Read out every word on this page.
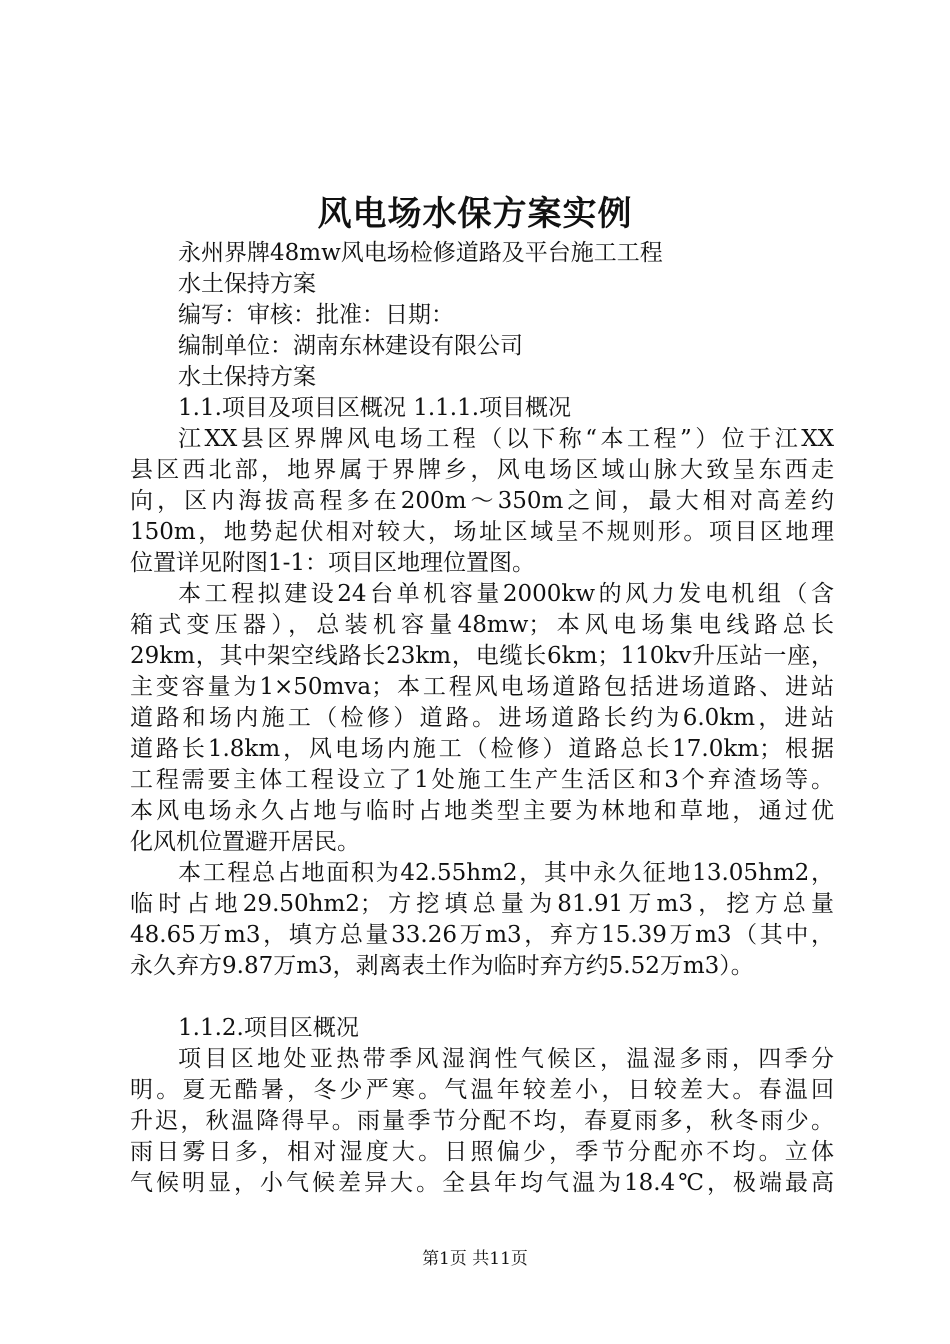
风电场水保方案实例
永州界牌48mw风电场检修道路及平台施工工程
水土保持方案
编写：审核：批准：日期：
编制单位：湖南东林建设有限公司
水土保持方案
1.1.项目及项目区概况 1.1.1.项目概况
江XX县区界牌风电场工程（以下称“本工程”）位于江XX
县区西北部，地界属于界牌乡，风电场区域山脉大致呈东西走
向，区内海拔高程多在200m～350m之间，最大相对高差约
150m，地势起伏相对较大，场址区域呈不规则形。项目区地理
位置详见附图1-1：项目区地理位置图。
本工程拟建设24台单机容量2000kw的风力发电机组（含
箱式变压器），总装机容量48mw；本风电场集电线路总长
29km，其中架空线路长23km，电缆长6km；110kv升压站一座，
主变容量为1×50mva；本工程风电场道路包括进场道路、进站
道路和场内施工（检修）道路。进场道路长约为6.0km，进站
道路长1.8km，风电场内施工（检修）道路总长17.0km；根据
工程需要主体工程设立了1处施工生产生活区和3个弃渣场等。
本风电场永久占地与临时占地类型主要为林地和草地，通过优
化风机位置避开居民。
本工程总占地面积为42.55hm2，其中永久征地13.05hm2，
临时占地29.50hm2；方挖填总量为81.91万m3，挖方总量
48.65万m3，填方总量33.26万m3，弃方15.39万m3（其中，
永久弃方9.87万m3，剥离表土作为临时弃方约5.52万m3）。
1.1.2.项目区概况
项目区地处亚热带季风湿润性气候区，温湿多雨，四季分
明。夏无酷暑，冬少严寒。气温年较差小，日较差大。春温回
升迟，秋温降得早。雨量季节分配不均，春夏雨多，秋冬雨少。
雨日雾日多，相对湿度大。日照偏少，季节分配亦不均。立体
气候明显，小气候差异大。全县年均气温为18.4℃，极端最高
第1页 共11页
